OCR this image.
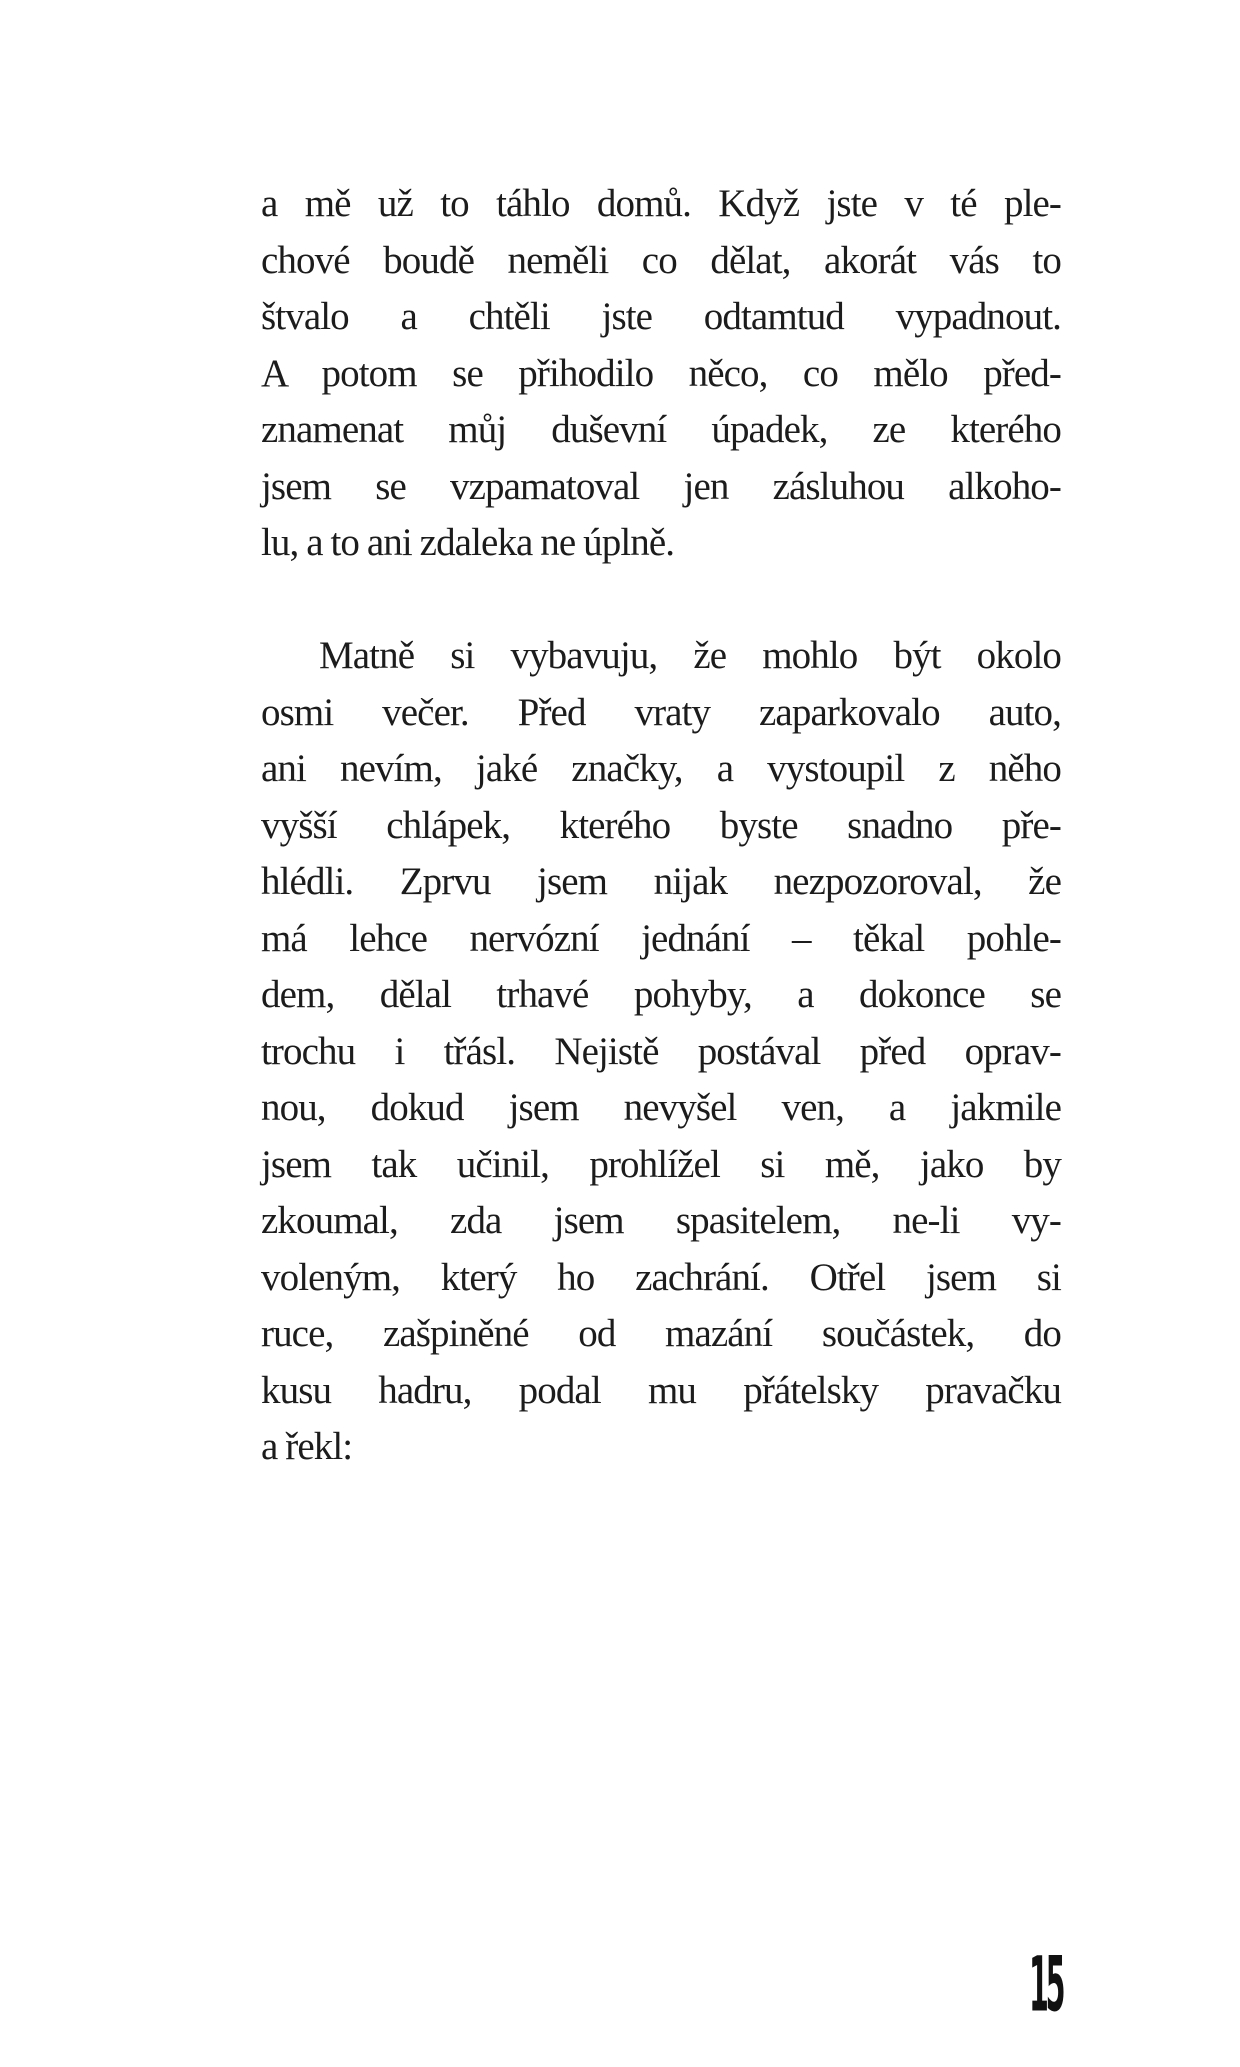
a mě už to táhlo domů. Když jste v té ple-
chové boudě neměli co dělat, akorát vás to
štvalo a chtěli jste odtamtud vypadnout.
A potom se přihodilo něco, co mělo před-
znamenat můj duševní úpadek, ze kterého
jsem se vzpamatoval jen zásluhou alkoho-
lu, a to ani zdaleka ne úplně.

Matně si vybavuju, že mohlo být okolo
osmi večer. Před vraty zaparkovalo auto,
ani nevím, jaké značky, a vystoupil z něho
vyšší chlápek, kterého byste snadno pře-
hlédli. Zprvu jsem nijak nezpozoroval, že
má lehce nervózní jednání – těkal pohle-
dem, dělal trhavé pohyby, a dokonce se
trochu i třásl. Nejistě postával před oprav-
nou, dokud jsem nevyšel ven, a jakmile
jsem tak učinil, prohlížel si mě, jako by
zkoumal, zda jsem spasitelem, ne-li vy-
voleným, který ho zachrání. Otřel jsem si
ruce, zašpiněné od mazání součástek, do
kusu hadru, podal mu přátelsky pravačku
a řekl:

15
